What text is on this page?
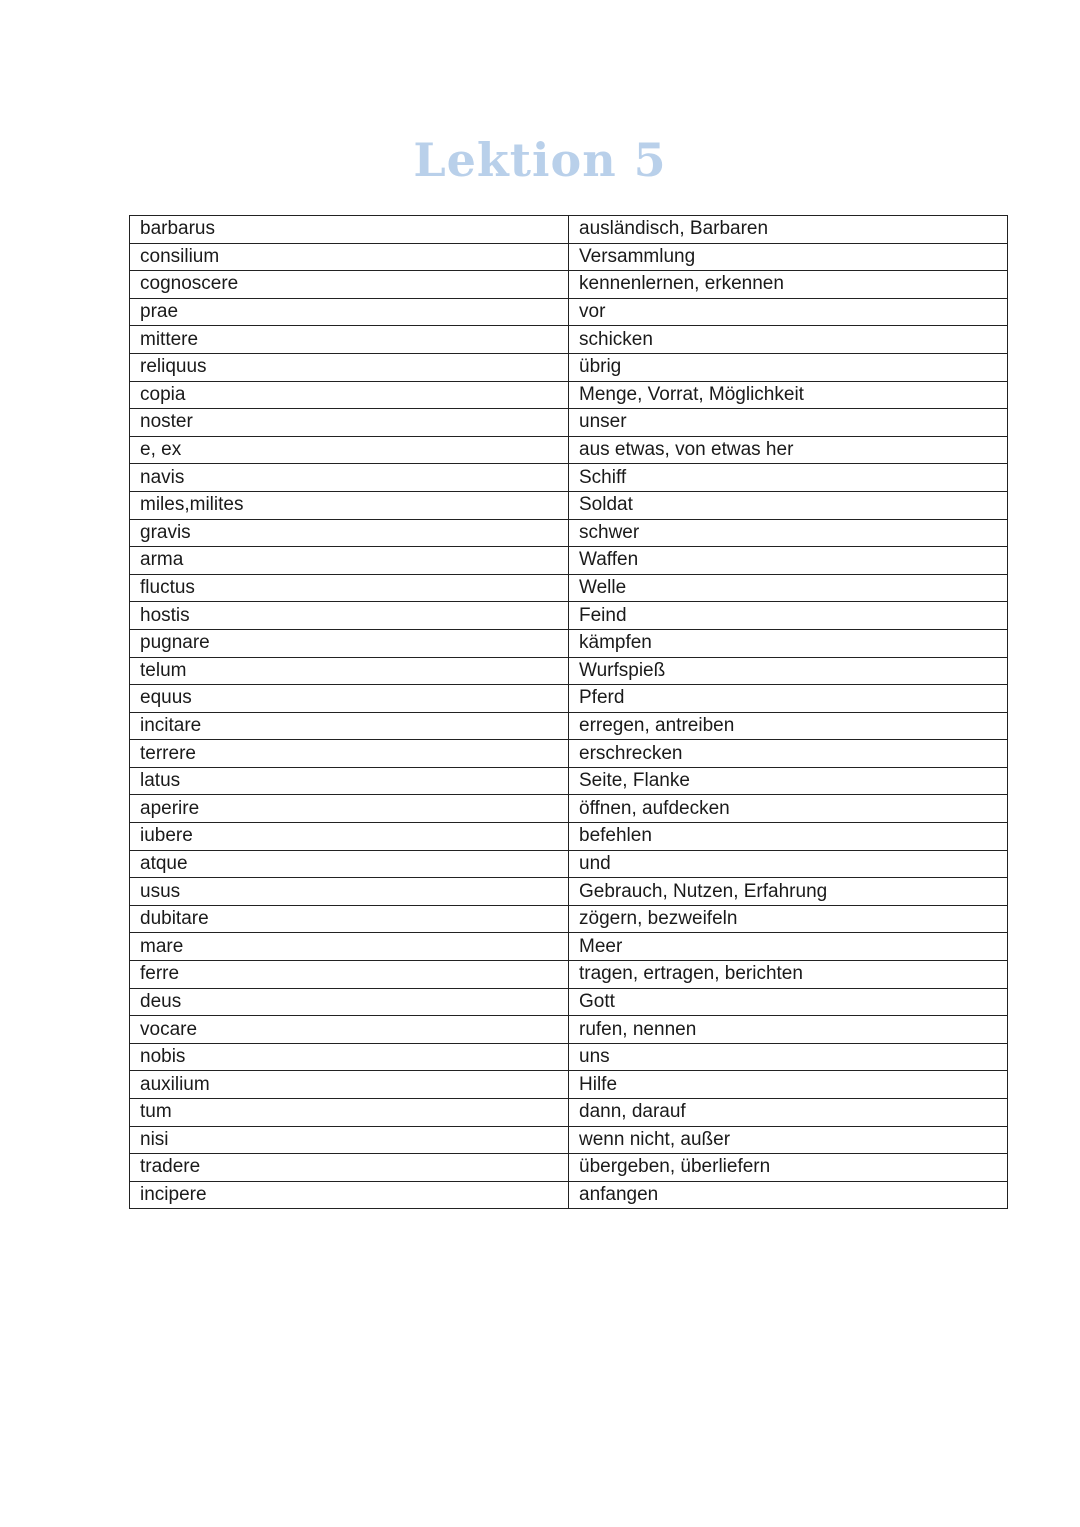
Lektion 5
barbarus	ausländisch, Barbaren
consilium	Versammlung
cognoscere	kennenlernen, erkennen
prae	vor
mittere	schicken
reliquus	übrig
copia	Menge, Vorrat, Möglichkeit
noster	unser
e, ex	aus etwas, von etwas her
navis	Schiff
miles,milites	Soldat
gravis	schwer
arma	Waffen
fluctus	Welle
hostis	Feind
pugnare	kämpfen
telum	Wurfspieß
equus	Pferd
incitare	erregen, antreiben
terrere	erschrecken
latus	Seite, Flanke
aperire	öffnen, aufdecken
iubere	befehlen
atque	und
usus	Gebrauch, Nutzen, Erfahrung
dubitare	zögern, bezweifeln
mare	Meer
ferre	tragen, ertragen, berichten
deus	Gott
vocare	rufen, nennen
nobis	uns
auxilium	Hilfe
tum	dann, darauf
nisi	wenn nicht, außer
tradere	übergeben, überliefern
incipere	anfangen
